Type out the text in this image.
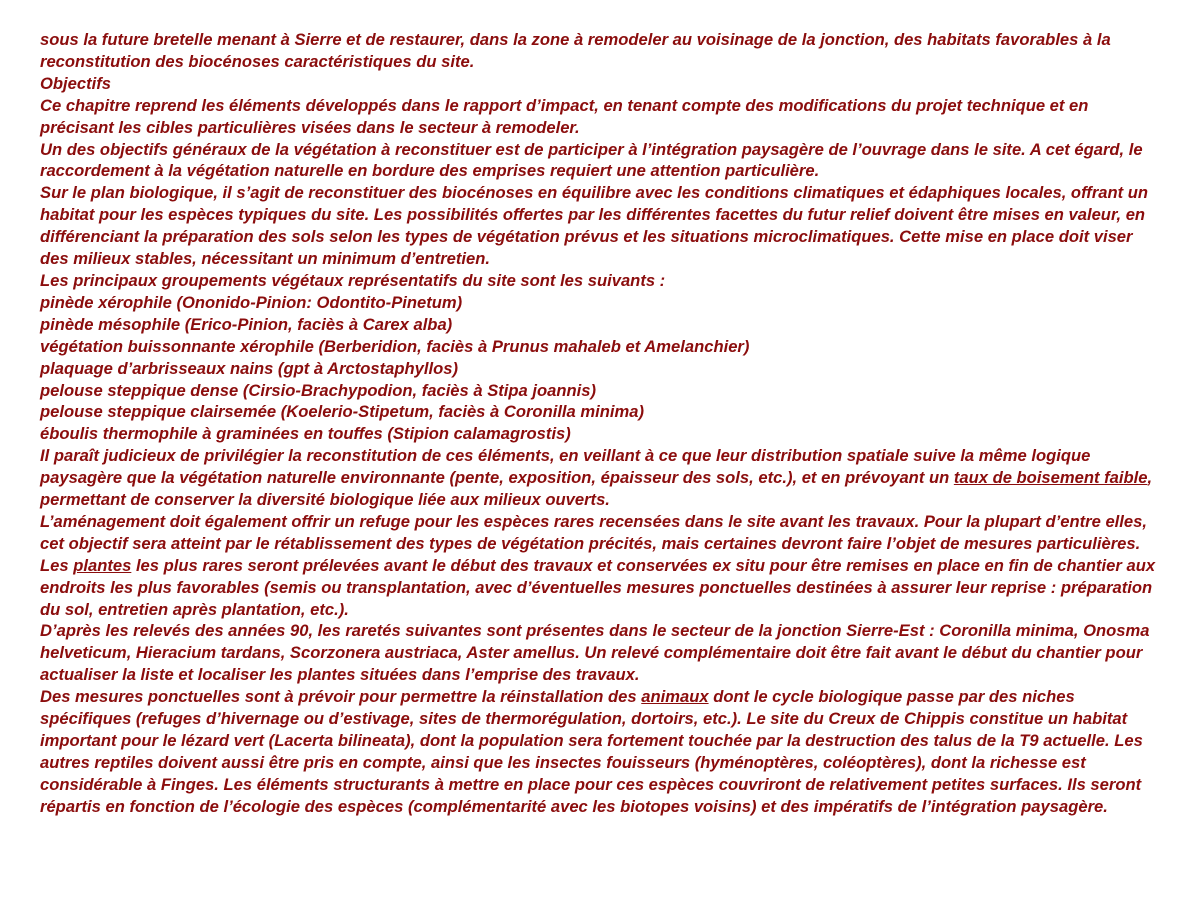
sous la future bretelle menant à Sierre et de restaurer, dans la zone à remodeler au voisinage de la jonction, des habitats favorables à la reconstitution des biocénoses caractéristiques du site.

Objectifs

Ce chapitre reprend les éléments développés dans le rapport d’impact, en tenant compte des modifications du projet technique et en précisant les cibles particulières visées dans le secteur à remodeler.

Un des objectifs généraux de la végétation à reconstituer est de participer à l’intégration paysagère de l’ouvrage dans le site. A cet égard, le raccordement à la végétation naturelle en bordure des emprises requiert une attention particulière.

Sur le plan biologique, il s’agit de reconstituer des biocénoses en équilibre avec les conditions climatiques et édaphiques locales, offrant un habitat pour les espèces typiques du site. Les possibilités offertes par les différentes facettes du futur relief doivent être mises en valeur, en différenciant la préparation des sols selon les types de végétation prévus et les situations microclimatiques. Cette mise en place doit viser des milieux stables, nécessitant un minimum d’entretien.

Les principaux groupements végétaux représentatifs du site sont les suivants :

pinède xérophile (Ononido-Pinion: Odontito-Pinetum)

pinède mésophile (Erico-Pinion, faciès à Carex alba)

végétation buissonnante xérophile (Berberidion, faciès à Prunus mahaleb et Amelanchier)

plaquage d’arbrisseaux nains (gpt à Arctostaphyllos)

pelouse steppique dense (Cirsio-Brachypodion, faciès à Stipa joannis)

pelouse steppique clairsemée (Koelerio-Stipetum, faciès à Coronilla minima)

éboulis thermophile à graminées en touffes (Stipion calamagrostis)

Il paraît judicieux de privilégier la reconstitution de ces éléments, en veillant à ce que leur distribution spatiale suive la même logique paysagère que la végétation naturelle environnante (pente, exposition, épaisseur des sols, etc.), et en prévoyant un taux de boisement faible, permettant de conserver la diversité biologique liée aux milieux ouverts.

L’aménagement doit également offrir un refuge pour les espèces rares recensées dans le site avant les travaux. Pour la plupart d’entre elles, cet objectif sera atteint par le rétablissement des types de végétation précités, mais certaines devront faire l’objet de mesures particulières.

Les plantes les plus rares seront prélevées avant le début des travaux et conservées ex situ pour être remises en place en fin de chantier aux endroits les plus favorables (semis ou transplantation, avec d’éventuelles mesures ponctuelles destinées à assurer leur reprise : préparation du sol, entretien après plantation, etc.).

D’après les relevés des années 90, les raretés suivantes sont présentes dans le secteur de la jonction Sierre-Est : Coronilla minima, Onosma helveticum, Hieracium tardans, Scorzonera austriaca, Aster amellus. Un relevé complémentaire doit être fait avant le début du chantier pour actualiser la liste et localiser les plantes situées dans l’emprise des travaux.

Des mesures ponctuelles sont à prévoir pour permettre la réinstallation des animaux dont le cycle biologique passe par des niches spécifiques (refuges d’hivernage ou d’estivage, sites de thermorégulation, dortoirs, etc.). Le site du Creux de Chippis constitue un habitat important pour le lézard vert (Lacerta bilineata), dont la population sera fortement touchée par la destruction des talus de la T9 actuelle. Les autres reptiles doivent aussi être pris en compte, ainsi que les insectes fouisseurs (hyménoptères, coléoptères), dont la richesse est considérable à Finges. Les éléments structurants à mettre en place pour ces espèces couvriront de relativement petites surfaces. Ils seront répartis en fonction de l’écologie des espèces (complémentarité avec les biotopes voisins) et des impératifs de l’intégration paysagère.
